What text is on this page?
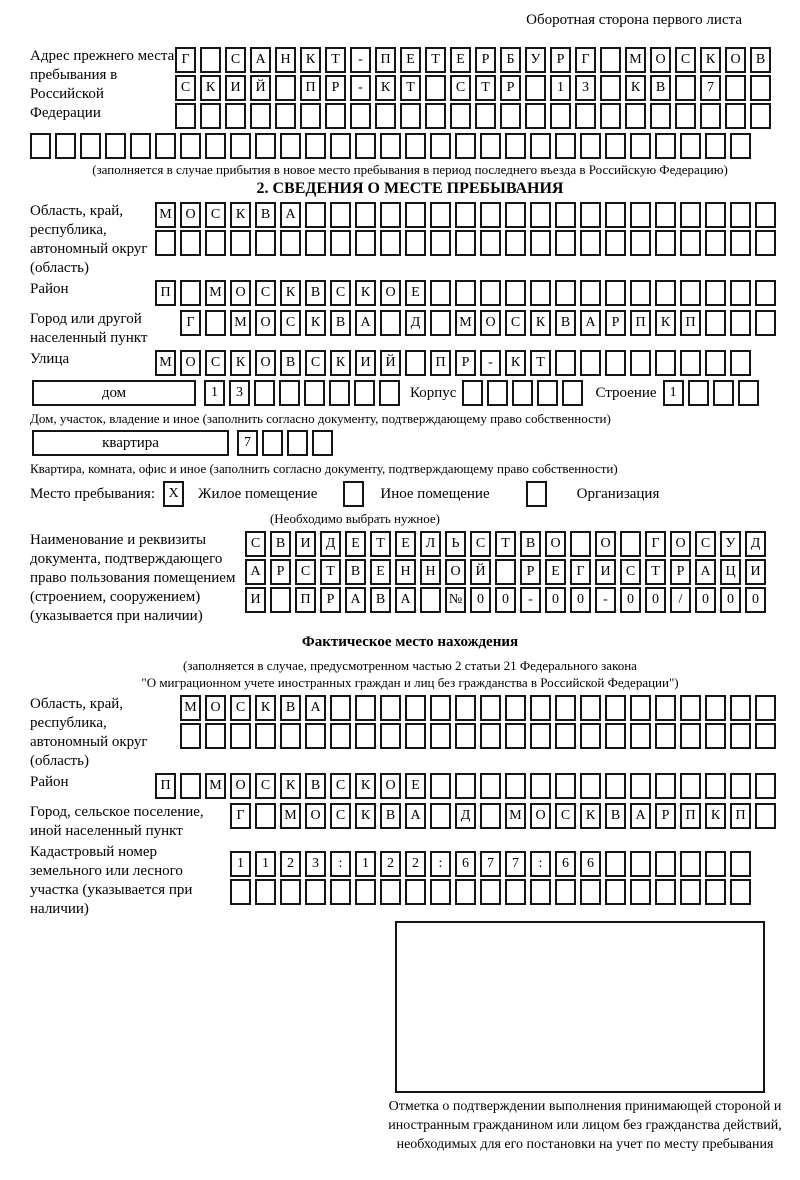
Оборотная сторона первого листа
Адрес прежнего места пребывания в Российской Федерации
Г	С А Н К Т - П Е Т Е Р Б У Р Г	М О С К О В
С К И Й	П Р - К Т	С Т Р	1 3	К В	7
(заполняется в случае прибытия в новое место пребывания в период последнего въезда в Российскую Федерацию)
2. СВЕДЕНИЯ О МЕСТЕ ПРЕБЫВАНИЯ
Область, край, республика, автономный округ (область)
М О С К В А
Район	П	М О С К В С К О Е
Город или другой населенный пункт
Г	М О С К В А	Д	М О С К В А Р П К П
Улица	М О С К О В С К И Й	П Р - К Т
дом	1 3	Корпус	Строение 1
Дом, участок, владение и иное (заполнить согласно документу, подтверждающему право собственности)
квартира	7
Квартира, комната, офис и иное (заполнить согласно документу, подтверждающему право собственности)
Место пребывания: X Жилое помещение	Иное помещение	Организация
(Необходимо выбрать нужное)
Наименование и реквизиты документа, подтверждающего право пользования помещением (строением, сооружением) (указывается при наличии)
С В И Д Е Т Е Л Ь С Т В О	О	Г О С У Д
А Р С Т В Е Н Н О Й	Р Е Г И С Т Р А Ц И
И	П Р А В А	№ 0 0 - 0 0 - 0 0 / 0 0 0
Фактическое место нахождения
(заполняется в случае, предусмотренном частью 2 статьи 21 Федерального закона
"О миграционном учете иностранных граждан и лиц без гражданства в Российской Федерации")
Область, край, республика, автономный округ (область)
М О С К В А
Район	П	М О С К В С К О Е
Город, сельское поселение, иной населенный пункт
Г	М О С К В А	Д	М О С К В А Р П К П
Кадастровый номер земельного или лесного участка (указывается при наличии)
1 1 2 3 : 1 2 2 : 6 7 7 : 6 6
Отметка о подтверждении выполнения принимающей стороной и иностранным гражданином или лицом без гражданства действий, необходимых для его постановки на учет по месту пребывания
